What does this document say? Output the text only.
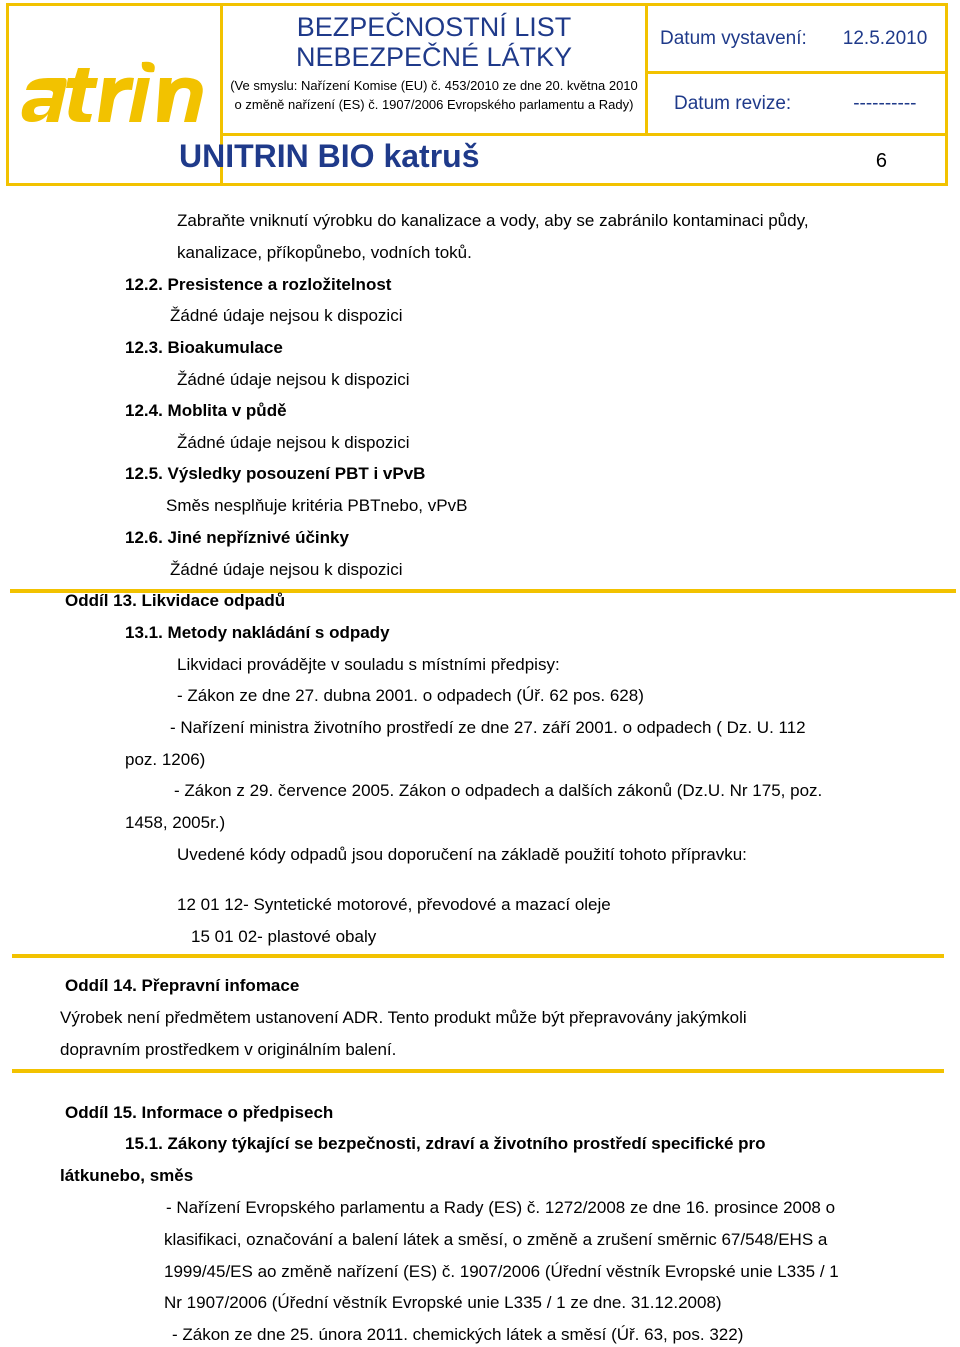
BEZPEČNOSTNÍ LIST
NEBEZPEČNÉ LÁTKY
(Ve smyslu: Nařízení Komise (EU) č. 453/2010 ze dne 20. května 2010 o změně nařízení (ES) č. 1907/2006 Evropského parlamentu a Rady)
Datum vystavení: 12.5.2010
Datum revize:	----------
UNITRIN BIO katruš	6
Zabraňte vniknutí výrobku do kanalizace a vody, aby se zabránilo kontaminaci půdy,
kanalizace, příkopůnebo, vodních toků.
12.2. Presistence a rozložitelnost
Žádné údaje nejsou k dispozici
12.3. Bioakumulace
Žádné údaje nejsou k dispozici
12.4. Moblita v půdě
Žádné údaje nejsou k dispozici
12.5. Výsledky posouzení PBT i vPvB
Směs nesplňuje kritéria PBTnebo, vPvB
12.6. Jiné nepříznivé účinky
Žádné údaje nejsou k dispozici
Oddíl 13. Likvidace odpadů
13.1. Metody nakládání s odpady
Likvidaci provádějte v souladu s místními předpisy:
- Zákon ze dne 27. dubna 2001. o odpadech (Úř. 62 pos. 628)
- Nařízení ministra životního prostředí ze dne 27. září 2001. o odpadech ( Dz. U. 112
poz. 1206)
- Zákon z 29. července 2005. Zákon o odpadech a dalších zákonů (Dz.U. Nr 175, poz.
1458, 2005r.)
Uvedené kódy odpadů jsou doporučení na základě použití tohoto přípravku:
12 01 12- Syntetické motorové, převodové a mazací oleje
15 01 02- plastové obaly
Oddíl 14. Přepravní infomace
Výrobek není předmětem ustanovení ADR. Tento produkt může být přepravovány jakýmkoli
dopravním prostředkem v originálním balení.
Oddíl 15. Informace o předpisech
15.1. Zákony týkající se bezpečnosti, zdraví a životního prostředí specifické pro
látkunebo, směs
- Nařízení Evropského parlamentu a Rady (ES) č. 1272/2008 ze dne 16. prosince 2008 o
klasifikaci, označování a balení látek a směsí, o změně a zrušení směrnic 67/548/EHS a
1999/45/ES ao změně nařízení (ES) č. 1907/2006 (Úřední věstník Evropské unie L335 / 1
Nr 1907/2006 (Úřední věstník Evropské unie L335 / 1 ze dne. 31.12.2008)
- Zákon ze dne 25. února 2011. chemických látek a směsí (Úř. 63, pos. 322)
